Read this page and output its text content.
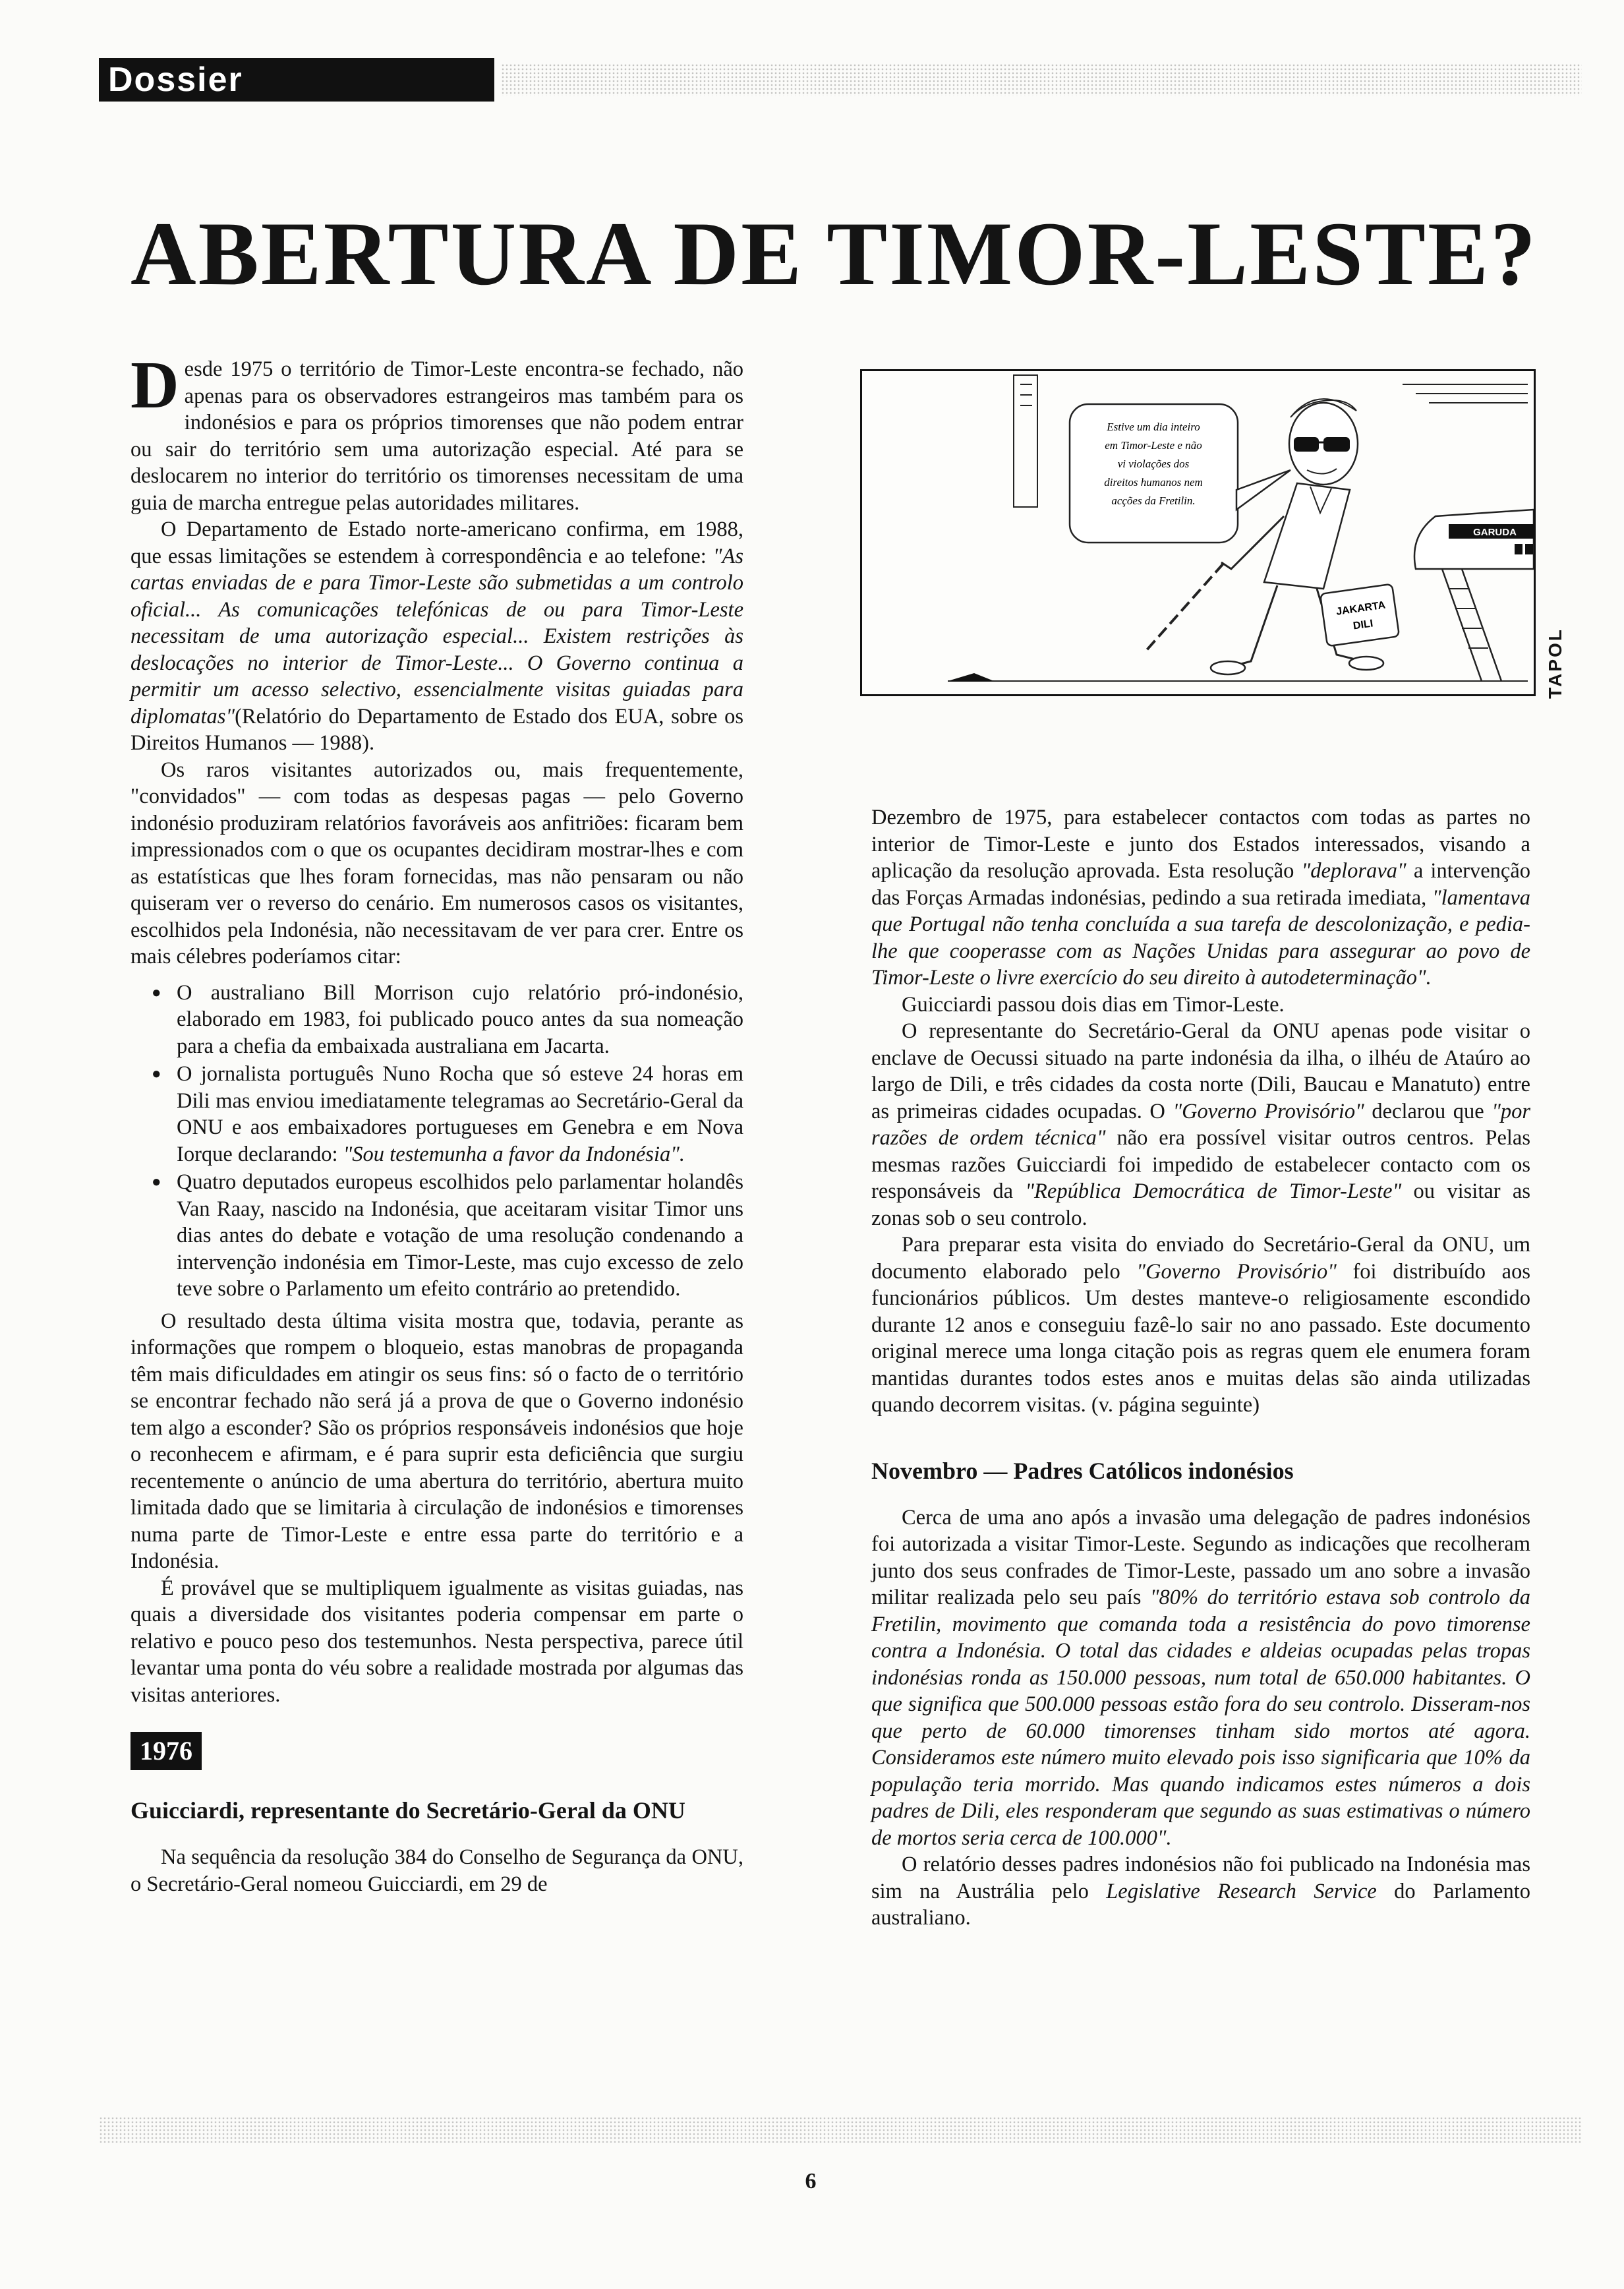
Dossier
ABERTURA DE TIMOR-LESTE?

Desde 1975 o território de Timor-Leste encontra-se fechado, não apenas para os observadores estrangeiros mas também para os indonésios e para os próprios timorenses que não podem entrar ou sair do território sem uma autorização especial. Até para se deslocarem no interior do território os timorenses necessitam de uma guia de marcha entregue pelas autoridades militares.

O Departamento de Estado norte-americano confirma, em 1988, que essas limitações se estendem à correspondência e ao telefone: "As cartas enviadas de e para Timor-Leste são submetidas a um controlo oficial... As comunicações telefónicas de ou para Timor-Leste necessitam de uma autorização especial... Existem restrições às deslocações no interior de Timor-Leste... O Governo continua a permitir um acesso selectivo, essencialmente visitas guiadas para diplomatas"(Relatório do Departamento de Estado dos EUA, sobre os Direitos Humanos — 1988).

Os raros visitantes autorizados ou, mais frequentemente, "convidados" — com todas as despesas pagas — pelo Governo indonésio produziram relatórios favoráveis aos anfitriões: ficaram bem impressionados com o que os ocupantes decidiram mostrar-lhes e com as estatísticas que lhes foram fornecidas, mas não pensaram ou não quiseram ver o reverso do cenário. Em numerosos casos os visitantes, escolhidos pela Indonésia, não necessitavam de ver para crer. Entre os mais célebres poderíamos citar:

● O australiano Bill Morrison cujo relatório pró-indonésio, elaborado em 1983, foi publicado pouco antes da sua nomeação para a chefia da embaixada australiana em Jacarta.
● O jornalista português Nuno Rocha que só esteve 24 horas em Dili mas enviou imediatamente telegramas ao Secretário-Geral da ONU e aos embaixadores portugueses em Genebra e em Nova Iorque declarando: "Sou testemunha a favor da Indonésia".
● Quatro deputados europeus escolhidos pelo parlamentar holandês Van Raay, nascido na Indonésia, que aceitaram visitar Timor uns dias antes do debate e votação de uma resolução condenando a intervenção indonésia em Timor-Leste, mas cujo excesso de zelo teve sobre o Parlamento um efeito contrário ao pretendido.

O resultado desta última visita mostra que, todavia, perante as informações que rompem o bloqueio, estas manobras de propaganda têm mais dificuldades em atingir os seus fins: só o facto de o território se encontrar fechado não será já a prova de que o Governo indonésio tem algo a esconder? São os próprios responsáveis indonésios que hoje o reconhecem e afirmam, e é para suprir esta deficiência que surgiu recentemente o anúncio de uma abertura do território, abertura muito limitada dado que se limitaria à circulação de indonésios e timorenses numa parte de Timor-Leste e entre essa parte do território e a Indonésia.

É provável que se multipliquem igualmente as visitas guiadas, nas quais a diversidade dos visitantes poderia compensar em parte o relativo e pouco peso dos testemunhos. Nesta perspectiva, parece útil levantar uma ponta do véu sobre a realidade mostrada por algumas das visitas anteriores.

1976
Guicciardi, representante do Secretário-Geral da ONU

Na sequência da resolução 384 do Conselho de Segurança da ONU, o Secretário-Geral nomeou Guicciardi, em 29 de

Estive um dia inteiro
em Timor-Leste e não
vi violações dos
direitos humanos nem
acções da Fretilin.
JAKARTA
DILI
GARUDA
TAPOL

Dezembro de 1975, para estabelecer contactos com todas as partes no interior de Timor-Leste e junto dos Estados interessados, visando a aplicação da resolução aprovada. Esta resolução "deplorava" a intervenção das Forças Armadas indonésias, pedindo a sua retirada imediata, "lamentava que Portugal não tenha concluída a sua tarefa de descolonização, e pedia-lhe que cooperasse com as Nações Unidas para assegurar ao povo de Timor-Leste o livre exercício do seu direito à autodeterminação".

Guicciardi passou dois dias em Timor-Leste.

O representante do Secretário-Geral da ONU apenas pode visitar o enclave de Oecussi situado na parte indonésia da ilha, o ilhéu de Ataúro ao largo de Dili, e três cidades da costa norte (Dili, Baucau e Manatuto) entre as primeiras cidades ocupadas. O "Governo Provisório" declarou que "por razões de ordem técnica" não era possível visitar outros centros. Pelas mesmas razões Guicciardi foi impedido de estabelecer contacto com os responsáveis da "República Democrática de Timor-Leste" ou visitar as zonas sob o seu controlo.

Para preparar esta visita do enviado do Secretário-Geral da ONU, um documento elaborado pelo "Governo Provisório" foi distribuído aos funcionários públicos. Um destes manteve-o religiosamente escondido durante 12 anos e conseguiu fazê-lo sair no ano passado. Este documento original merece uma longa citação pois as regras quem ele enumera foram mantidas durantes todos estes anos e muitas delas são ainda utilizadas quando decorrem visitas. (v. página seguinte)

Novembro — Padres Católicos indonésios

Cerca de uma ano após a invasão uma delegação de padres indonésios foi autorizada a visitar Timor-Leste. Segundo as indicações que recolheram junto dos seus confrades de Timor-Leste, passado um ano sobre a invasão militar realizada pelo seu país "80% do território estava sob controlo da Fretilin, movimento que comanda toda a resistência do povo timorense contra a Indonésia. O total das cidades e aldeias ocupadas pelas tropas indonésias ronda as 150.000 pessoas, num total de 650.000 habitantes. O que significa que 500.000 pessoas estão fora do seu controlo. Disseram-nos que perto de 60.000 timorenses tinham sido mortos até agora. Consideramos este número muito elevado pois isso significaria que 10% da população teria morrido. Mas quando indicamos estes números a dois padres de Dili, eles responderam que segundo as suas estimativas o número de mortos seria cerca de 100.000".

O relatório desses padres indonésios não foi publicado na Indonésia mas sim na Austrália pelo Legislative Research Service do Parlamento australiano.

6
